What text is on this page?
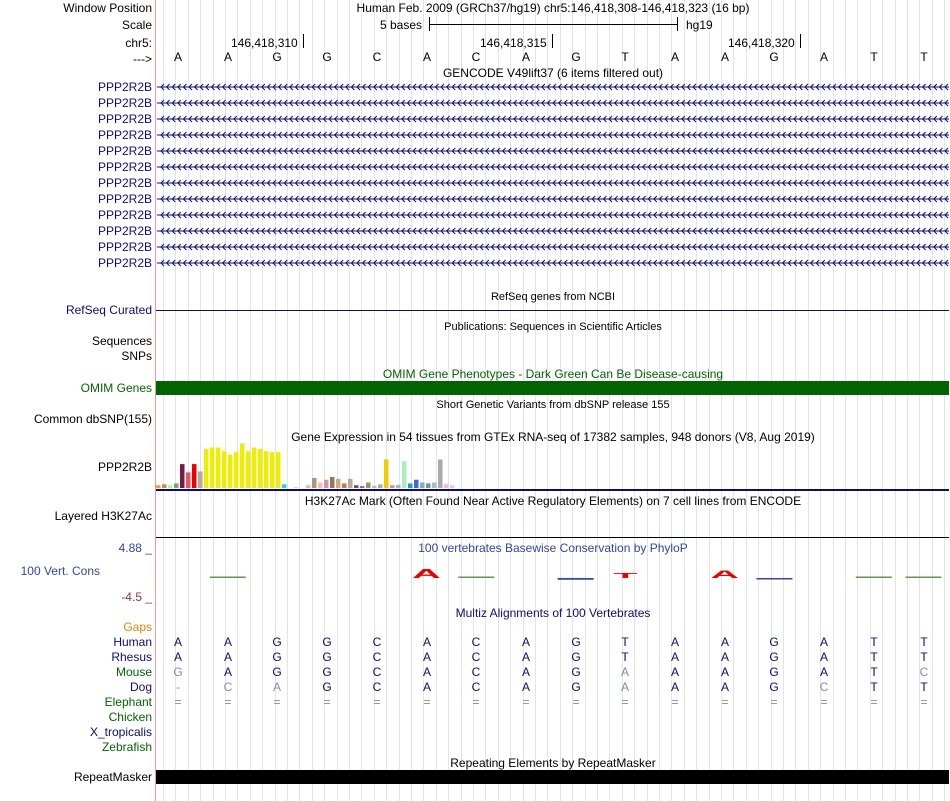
Window Position
Scale
chr5:
--->
Human Feb. 2009 (GRCh37/hg19) chr5:146,418,308-146,418,323 (16 bp)
5 bases	hg19
146,418,310	146,418,315	146,418,320
A	A	G	G	C	A	C	A	G	T	A	A	G	A	T	T
GENCODE V49lift37 (6 items filtered out)
PPP2R2B
PPP2R2B
PPP2R2B
PPP2R2B
PPP2R2B
PPP2R2B
PPP2R2B
PPP2R2B
PPP2R2B
PPP2R2B
PPP2R2B
PPP2R2B
RefSeq genes from NCBI
RefSeq Curated
Publications: Sequences in Scientific Articles
Sequences
SNPs
OMIM Gene Phenotypes - Dark Green Can Be Disease-causing
OMIM Genes
Short Genetic Variants from dbSNP release 155
Common dbSNP(155)
Gene Expression in 54 tissues from GTEx RNA-seq of 17382 samples, 948 donors (V8, Aug 2019)
PPP2R2B
H3K27Ac Mark (Often Found Near Active Regulatory Elements) on 7 cell lines from ENCODE
Layered H3K27Ac
100 vertebrates Basewise Conservation by PhyloP
4.88 _
100 Vert. Cons
-4.5 _
A	T	A
Multiz Alignments of 100 Vertebrates
Gaps
Human	A	A	G	G	C	A	C	A	G	T	A	A	G	A	T	T
Rhesus	A	A	G	G	C	A	C	A	G	T	A	A	G	A	T	T
Mouse	G	A	G	G	C	A	C	A	G	A	A	A	G	A	T	C
Dog	-	C	A	G	C	A	C	A	G	A	A	A	G	C	T	T
Elephant	=	=	=	=	=	=	=	=	=	=	=	=	=	=	=	=
Chicken
X_tropicalis
Zebrafish
Repeating Elements by RepeatMasker
RepeatMasker
